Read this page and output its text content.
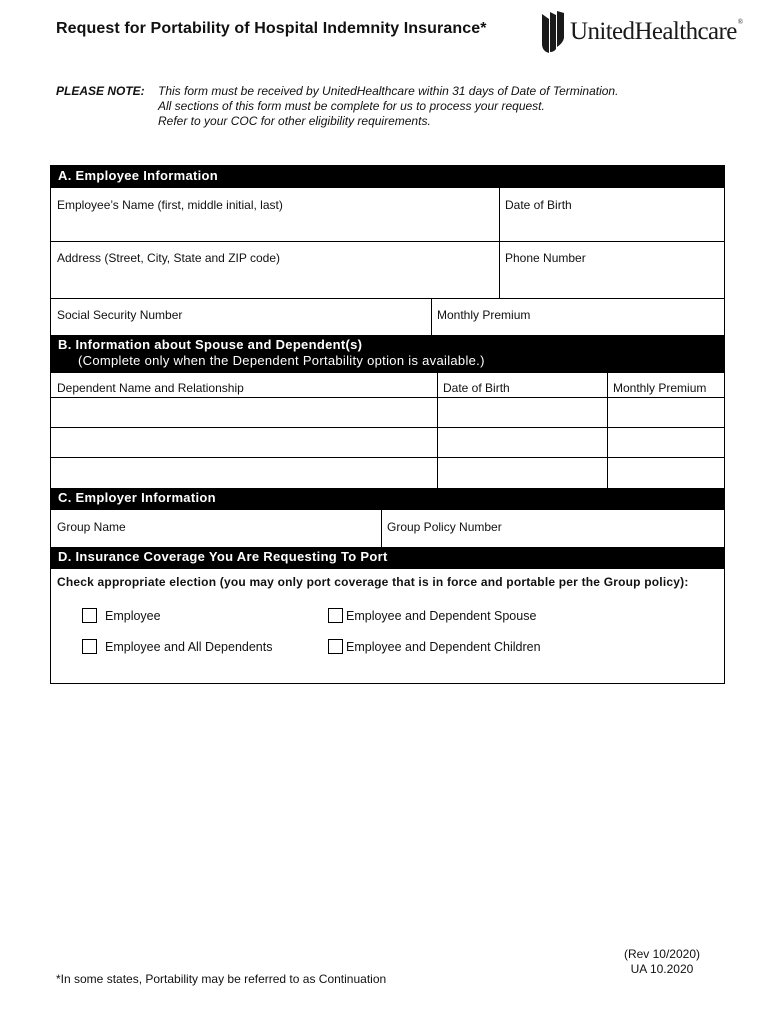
Request for Portability of Hospital Indemnity Insurance*	UnitedHealthcare®
PLEASE NOTE: This form must be received by UnitedHealthcare within 31 days of Date of Termination.
All sections of this form must be complete for us to process your request.
Refer to your COC for other eligibility requirements.
A. Employee Information
Employee’s Name (first, middle initial, last)	Date of Birth
Address (Street, City, State and ZIP code)	Phone Number
Social Security Number	Monthly Premium
B. Information about Spouse and Dependent(s)
(Complete only when the Dependent Portability option is available.)
Dependent Name and Relationship	Date of Birth	Monthly Premium
C. Employer Information
Group Name	Group Policy Number
D. Insurance Coverage You Are Requesting To Port
Check appropriate election (you may only port coverage that is in force and portable per the Group policy):
Employee	Employee and Dependent Spouse
Employee and All Dependents	Employee and Dependent Children
*In some states, Portability may be referred to as Continuation
(Rev 10/2020)
UA 10.2020
